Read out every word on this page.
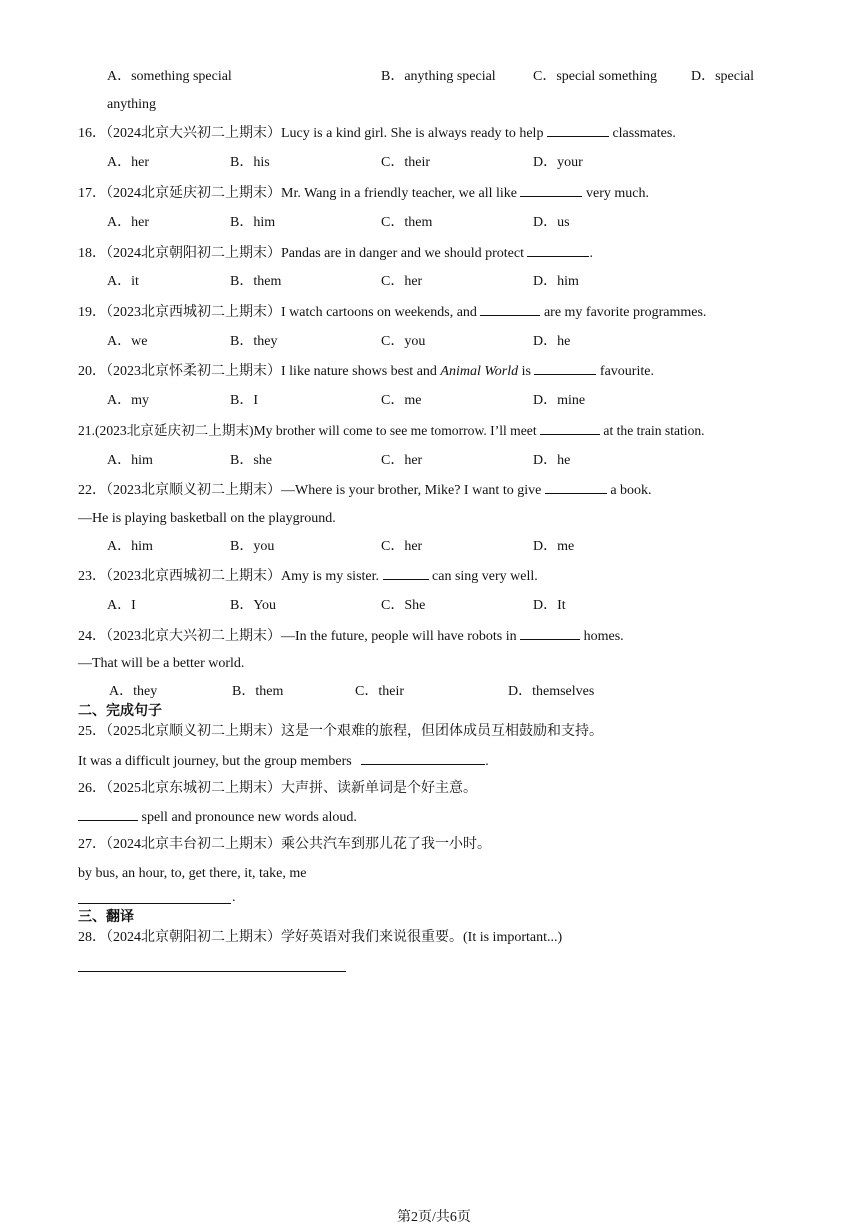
A．something special	B．anything special	C．special something D．special
anything
16．（2024北京大兴初二上期末）Lucy is a kind girl. She is always ready to help	classmates.
A．her	B．his	C．their	D．your
17．（2024北京延庆初二上期末）Mr. Wang in a friendly teacher, we all like	very much.
A．her	B．him	C．them	D．us
18．（2024北京朝阳初二上期末）Pandas are in danger and we should protect	.
A．it	B．them	C．her	D．him
19．（2023北京西城初二上期末）I watch cartoons on weekends, and	are my favorite programmes.
A．we	B．they	C．you	D．he
20．（2023北京怀柔初二上期末）I like nature shows best and Animal World is	favourite.
A．my	B．I	C．me	D．mine
21.(2023北京延庆初二上期末)My brother will come to see me tomorrow. I’ll meet	at the train station.
A．him	B．she	C．her	D．he
22．（2023北京顺义初二上期末）—Where is your brother, Mike? I want to give	a book.
—He is playing basketball on the playground.
A．him	B．you	C．her	D．me
23．（2023北京西城初二上期末）Amy is my sister.	can sing very well.
A．I	B．You	C．She	D．It
24．（2023北京大兴初二上期末）—In the future, people will have robots in	homes.
—That will be a better world.
A．they	B．them	C．their	D．themselves
二、完成句子
25．（2025北京顺义初二上期末）这是一个艰难的旅程，但团体成员互相鼓励和支持。
It was a difficult journey, but the group members	.
26．（2025北京东城初二上期末）大声拼、读新单词是个好主意。
spell and pronounce new words aloud.
27．（2024北京丰台初二上期末）乘公共汽车到那儿花了我一小时。
by bus, an hour, to, get there, it, take, me
.
三、翻译
28．（2024北京朝阳初二上期末）学好英语对我们来说很重要。(It is important...)
第2页/共6页
